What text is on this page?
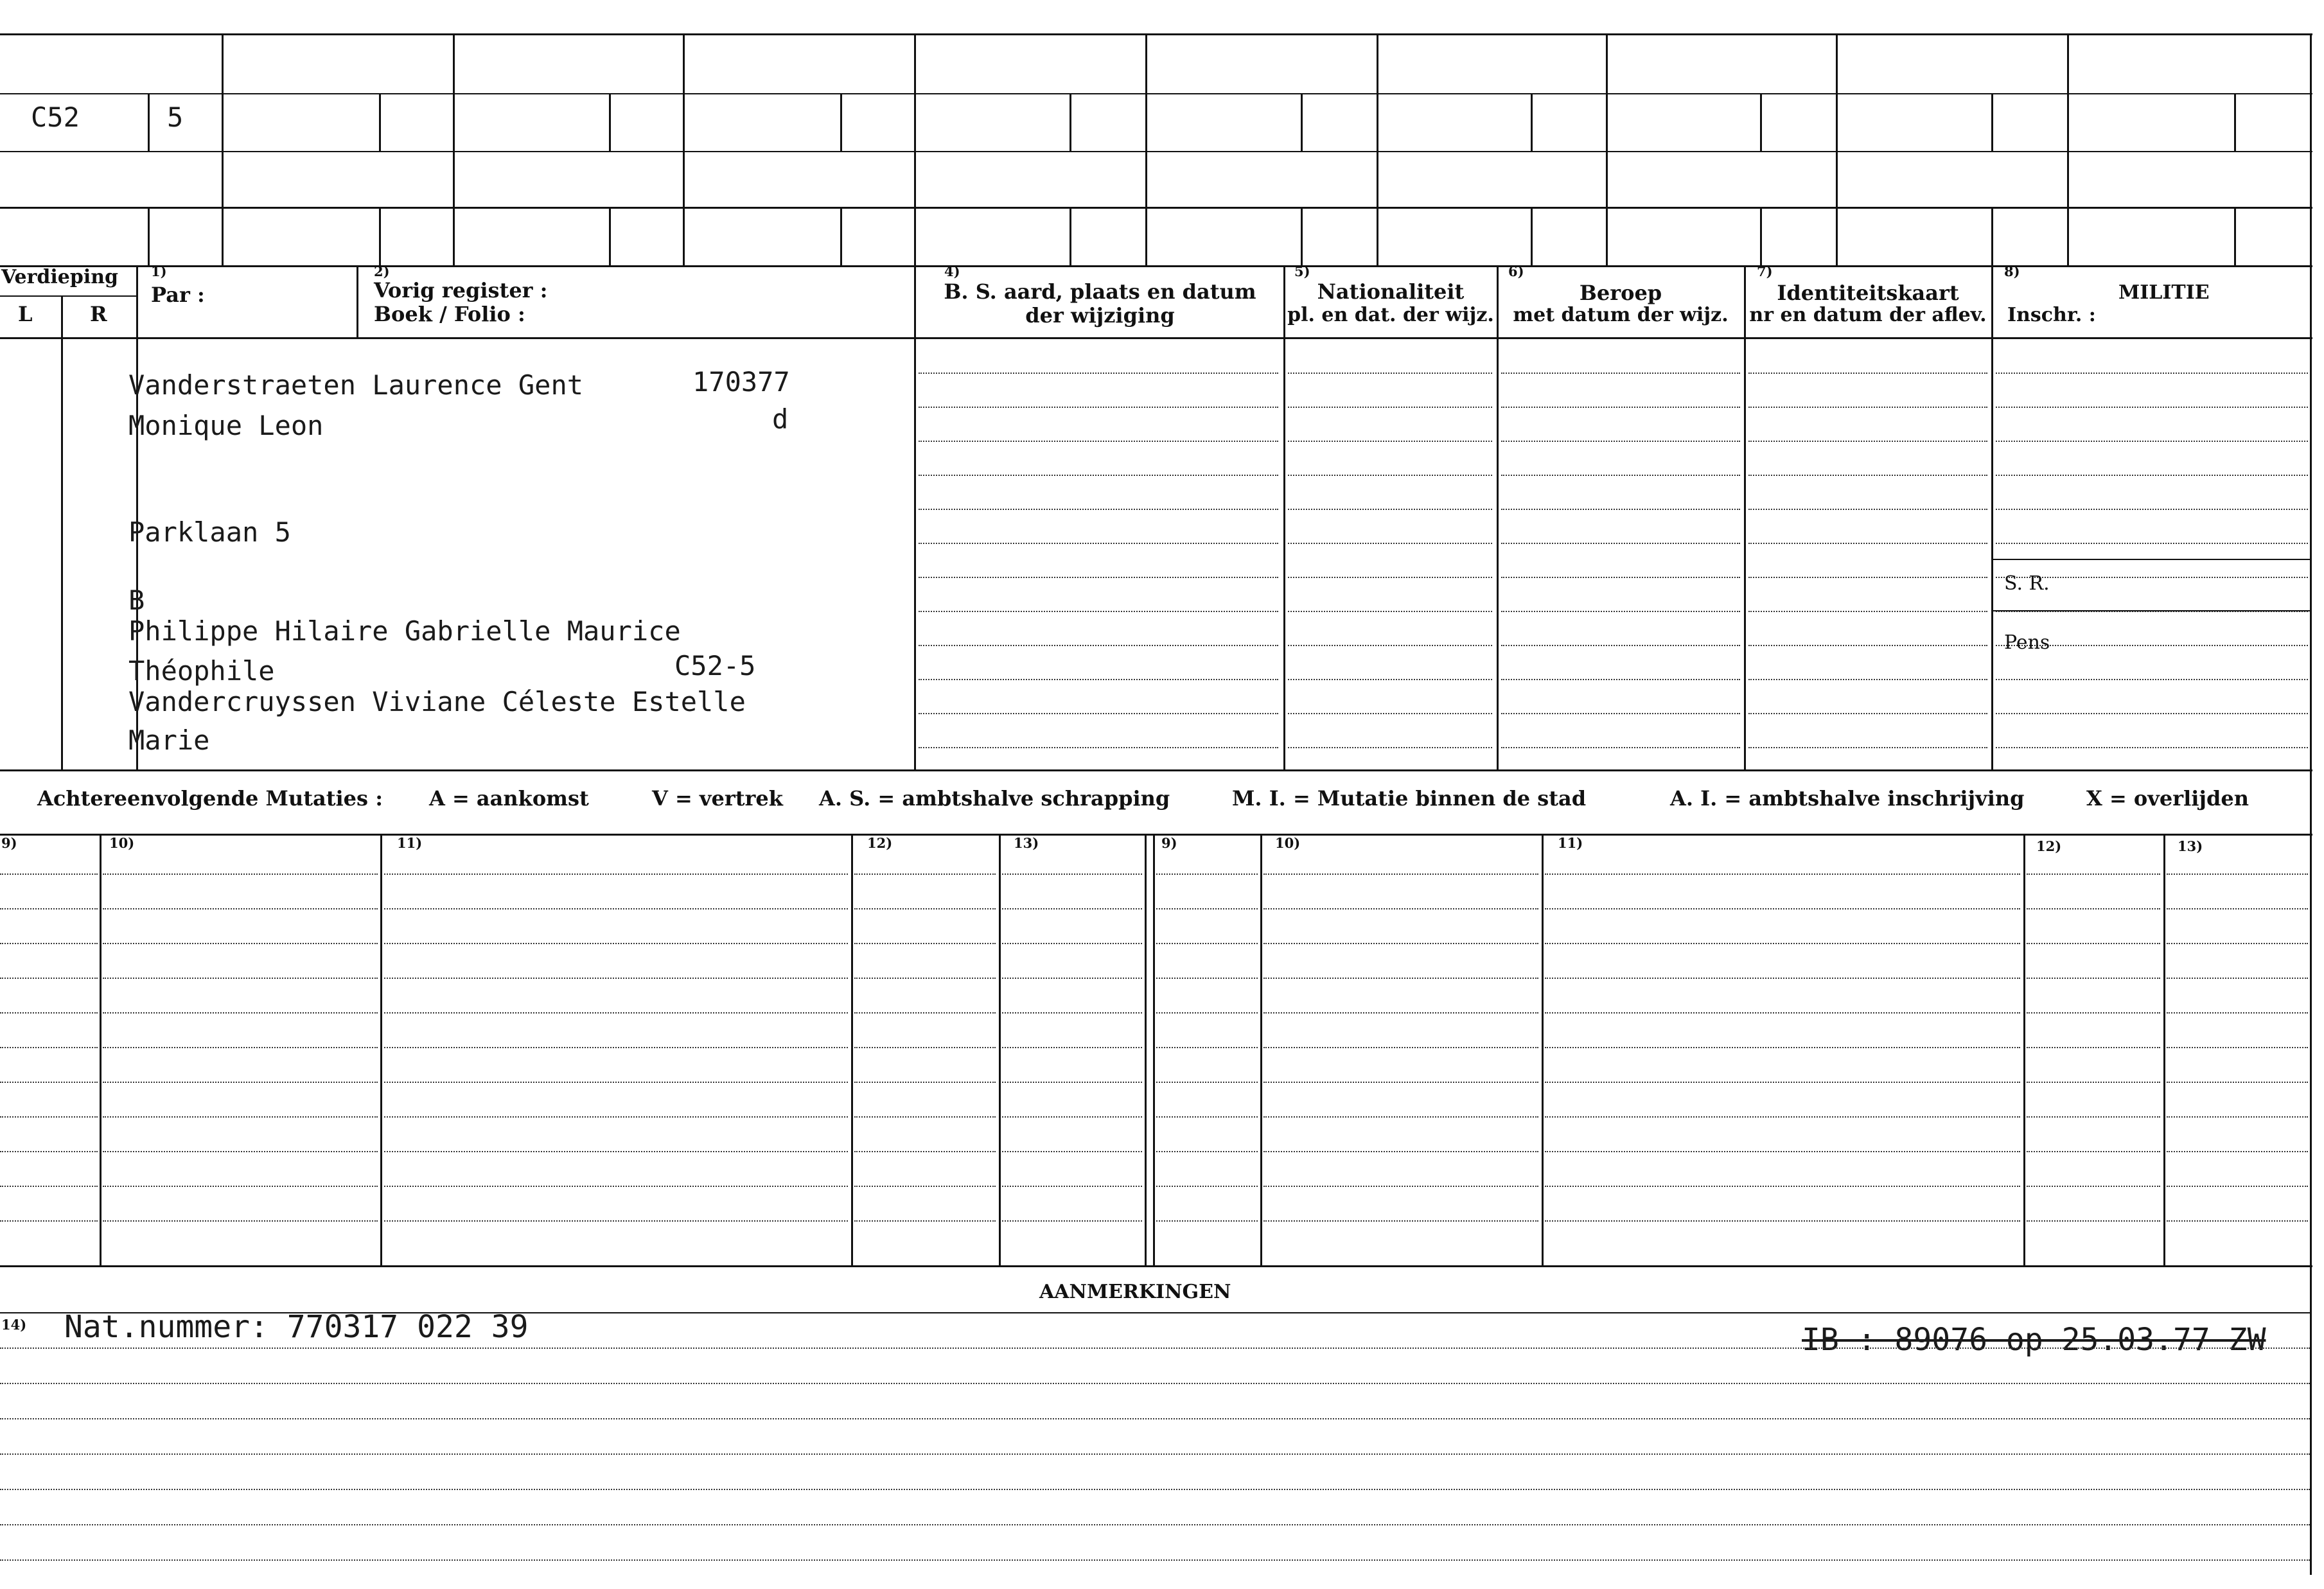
C52	5
Verdieping
L	R
1)
Par :
2)
Vorig register :
Boek / Folio :
4)
B. S. aard, plaats en datum
der wijziging
5)
Nationaliteit
pl. en dat. der wijz.
6)
Beroep
met datum der wijz.
7)
Identiteitskaart
nr en datum der aflev.
8)
MILITIE
Inschr. :
Vanderstraeten Laurence Gent	170377
Monique Leon	d
Parklaan 5
B
Philippe Hilaire Gabrielle Maurice
Théophile	C52-5
Vandercruyssen Viviane Céleste Estelle
Marie
S. R.
Pens
Achtereenvolgende Mutaties : A = aankomst	V = vertrek A. S. = ambtshalve schrapping	M. I. = Mutatie binnen de stad	A. I. = ambtshalve inschrijving	X = overlijden
9)	10)	11)	12)	13)	9)	10)	11)	12)	13)
AANMERKINGEN
14) Nat.nummer: 770317 022 39	IB : 89076 op 25.03.77 ZW
